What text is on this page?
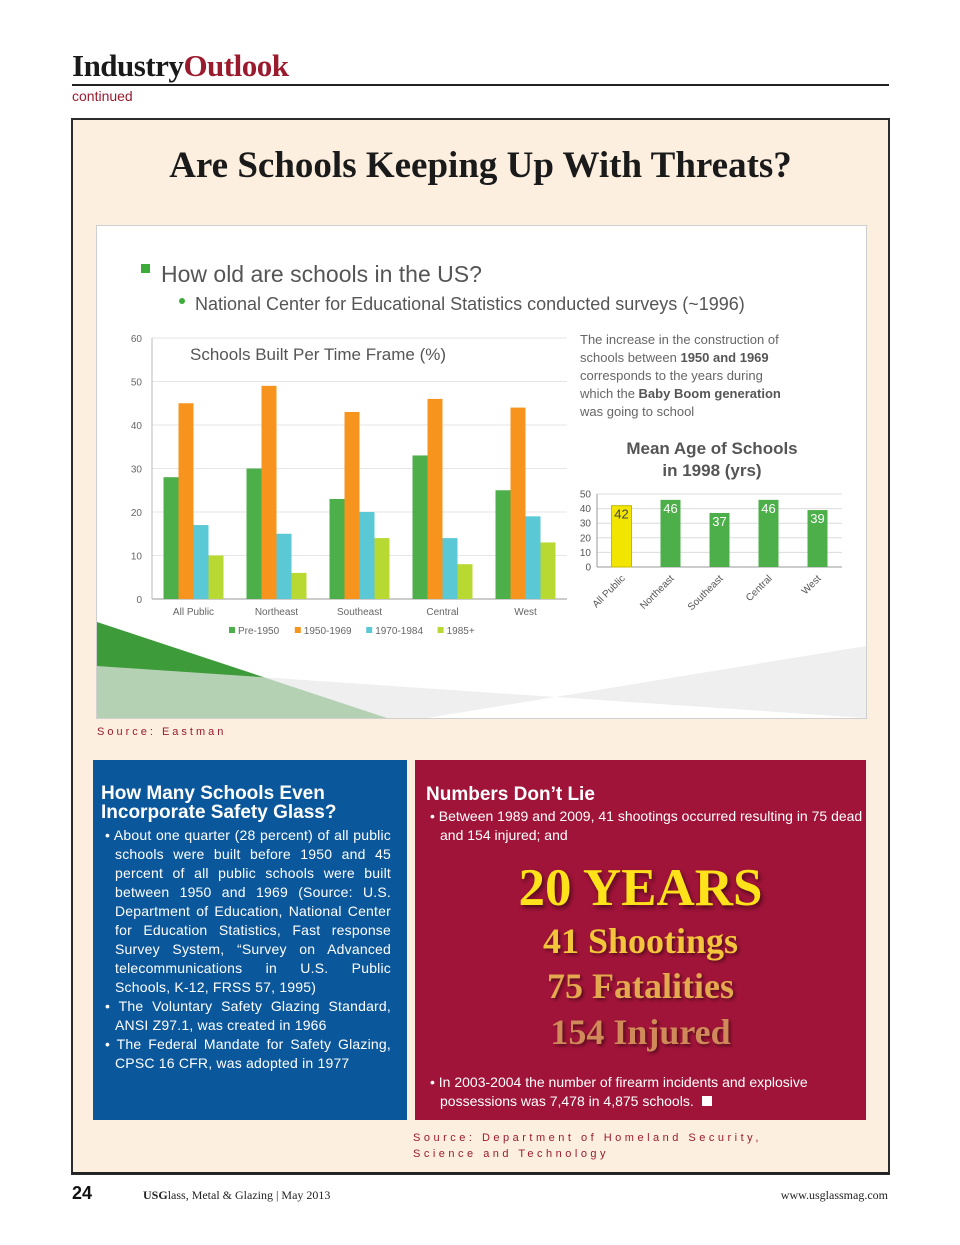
IndustryOutlook
continued
Are Schools Keeping Up With Threats?
How old are schools in the US?
National Center for Educational Statistics conducted surveys (~1996)
Schools Built Per Time Frame (%)
The increase in the construction of
schools between 1950 and 1969
corresponds to the years during
which the Baby Boom generation
was going to school
Mean Age of Schools
in 1998 (yrs)
0
10
20
30
40
50
60
All Public	Northeast	Southeast	Central	West
Pre-1950 1950-1969 1970-1984 1985+
0
10
20
30
40
50
42
All Public
46
Northeast
37
Southeast
46
Central
39
West
Source: Eastman
How Many Schools Even Incorporate Safety Glass?
• About one quarter (28 percent) of all public schools were built before 1950 and 45 percent of all public schools were built between 1950 and 1969 (Source: U.S. Department of Education, National Center for Education Statistics, Fast response Survey System, “Survey on Advanced telecommunications in U.S. Public Schools, K-12, FRSS 57, 1995)
• The Voluntary Safety Glazing Standard, ANSI Z97.1, was created in 1966
• The Federal Mandate for Safety Glazing, CPSC 16 CFR, was adopted in 1977
Numbers Don’t Lie
• Between 1989 and 2009, 41 shootings occurred resulting in 75 dead and 154 injured; and
20 YEARS
41 Shootings
75 Fatalities
154 Injured
• In 2003-2004 the number of firearm incidents and explosive possessions was 7,478 in 4,875 schools.
Source: Department of Homeland Security,
Science and Technology
24	USGlass, Metal & Glazing | May 2013	www.usglassmag.com
